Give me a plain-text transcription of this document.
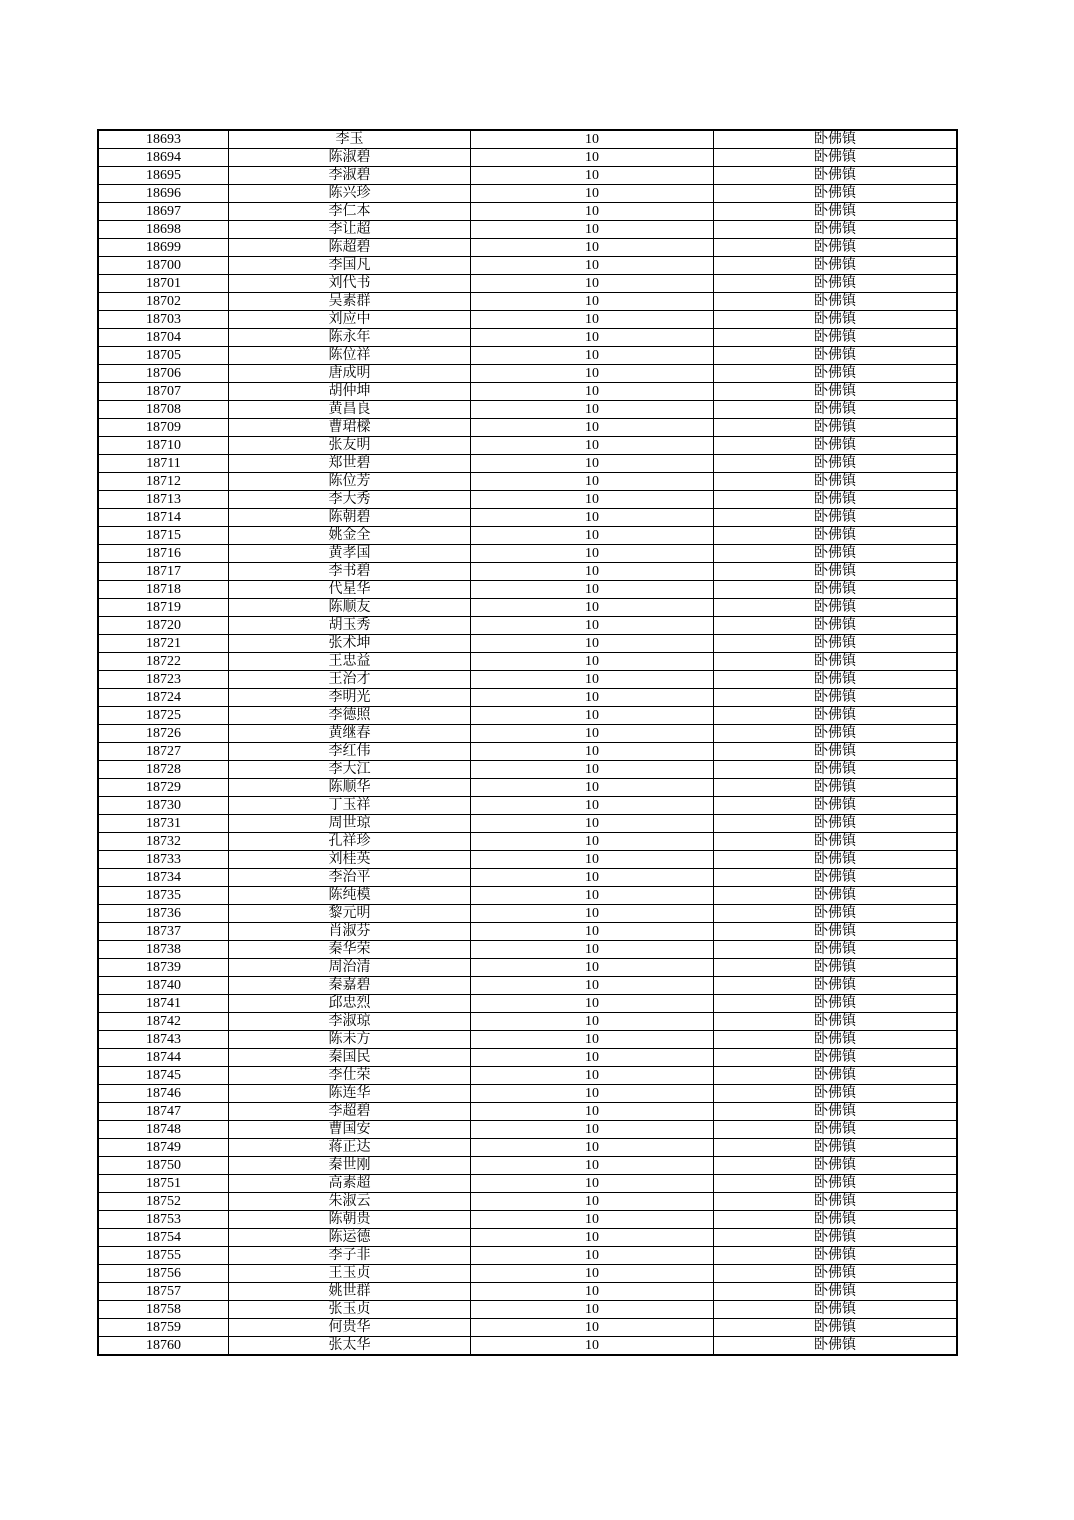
18693	李玉	10	卧佛镇
18694	陈淑碧	10	卧佛镇
18695	李淑碧	10	卧佛镇
18696	陈兴珍	10	卧佛镇
18697	李仁本	10	卧佛镇
18698	李让超	10	卧佛镇
18699	陈超碧	10	卧佛镇
18700	李国凡	10	卧佛镇
18701	刘代书	10	卧佛镇
18702	吴素群	10	卧佛镇
18703	刘应中	10	卧佛镇
18704	陈永年	10	卧佛镇
18705	陈位祥	10	卧佛镇
18706	唐成明	10	卧佛镇
18707	胡仲坤	10	卧佛镇
18708	黄昌良	10	卧佛镇
18709	曹珺樑	10	卧佛镇
18710	张友明	10	卧佛镇
18711	郑世碧	10	卧佛镇
18712	陈位芳	10	卧佛镇
18713	李大秀	10	卧佛镇
18714	陈朝碧	10	卧佛镇
18715	姚金全	10	卧佛镇
18716	黄孝国	10	卧佛镇
18717	李书碧	10	卧佛镇
18718	代星华	10	卧佛镇
18719	陈顺友	10	卧佛镇
18720	胡玉秀	10	卧佛镇
18721	张术坤	10	卧佛镇
18722	王忠益	10	卧佛镇
18723	王治才	10	卧佛镇
18724	李明光	10	卧佛镇
18725	李德照	10	卧佛镇
18726	黄继春	10	卧佛镇
18727	李红伟	10	卧佛镇
18728	李大江	10	卧佛镇
18729	陈顺华	10	卧佛镇
18730	丁玉祥	10	卧佛镇
18731	周世琼	10	卧佛镇
18732	孔祥珍	10	卧佛镇
18733	刘桂英	10	卧佛镇
18734	李治平	10	卧佛镇
18735	陈纯模	10	卧佛镇
18736	黎元明	10	卧佛镇
18737	肖淑芬	10	卧佛镇
18738	秦华荣	10	卧佛镇
18739	周治清	10	卧佛镇
18740	秦嘉碧	10	卧佛镇
18741	邱忠烈	10	卧佛镇
18742	李淑琼	10	卧佛镇
18743	陈未方	10	卧佛镇
18744	秦国民	10	卧佛镇
18745	李仕荣	10	卧佛镇
18746	陈连华	10	卧佛镇
18747	李超碧	10	卧佛镇
18748	曹国安	10	卧佛镇
18749	蒋正达	10	卧佛镇
18750	秦世刚	10	卧佛镇
18751	高素超	10	卧佛镇
18752	朱淑云	10	卧佛镇
18753	陈朝贵	10	卧佛镇
18754	陈运德	10	卧佛镇
18755	李子非	10	卧佛镇
18756	王玉贞	10	卧佛镇
18757	姚世群	10	卧佛镇
18758	张玉贞	10	卧佛镇
18759	何贵华	10	卧佛镇
18760	张太华	10	卧佛镇
